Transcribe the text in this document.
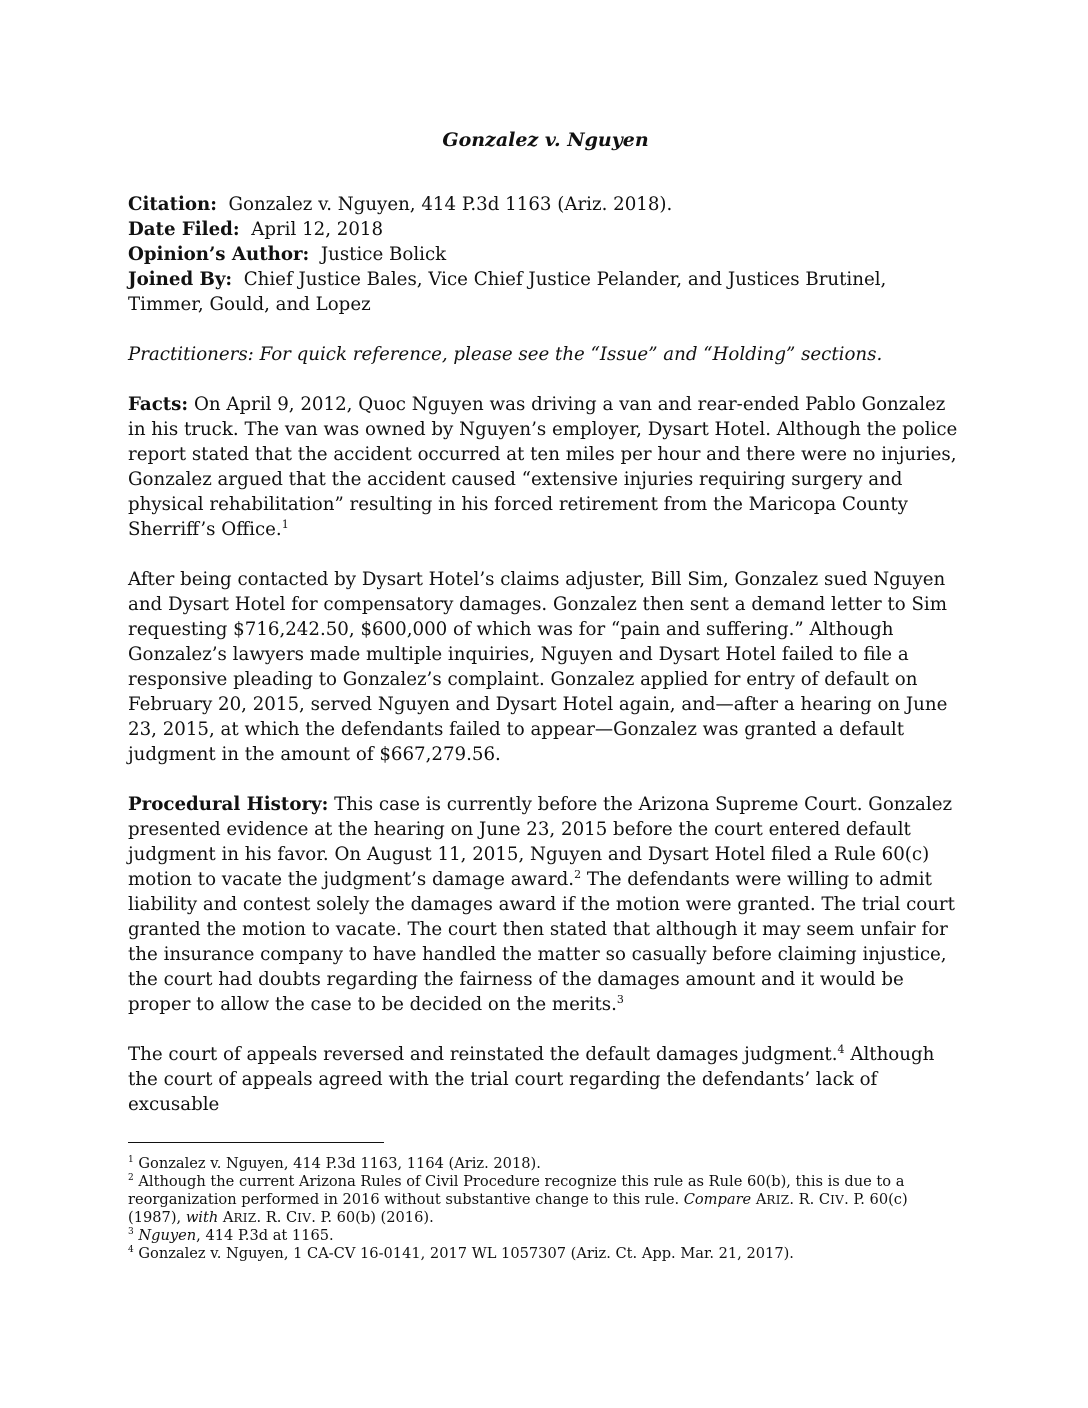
Gonzalez v. Nguyen

Citation: Gonzalez v. Nguyen, 414 P.3d 1163 (Ariz. 2018).

Date Filed: April 12, 2018

Opinion’s Author: Justice Bolick

Joined By: Chief Justice Bales, Vice Chief Justice Pelander, and Justices Brutinel, Timmer, Gould, and Lopez

Practitioners: For quick reference, please see the “Issue” and “Holding” sections.

Facts: On April 9, 2012, Quoc Nguyen was driving a van and rear-ended Pablo Gonzalez in his truck. The van was owned by Nguyen’s employer, Dysart Hotel. Although the police report stated that the accident occurred at ten miles per hour and there were no injuries, Gonzalez argued that the accident caused “extensive injuries requiring surgery and physical rehabilitation” resulting in his forced retirement from the Maricopa County Sherriff’s Office.$^1$

After being contacted by Dysart Hotel’s claims adjuster, Bill Sim, Gonzalez sued Nguyen and Dysart Hotel for compensatory damages. Gonzalez then sent a demand letter to Sim requesting $716,242.50, $600,000 of which was for “pain and suffering.” Although Gonzalez’s lawyers made multiple inquiries, Nguyen and Dysart Hotel failed to file a responsive pleading to Gonzalez’s complaint. Gonzalez applied for entry of default on February 20, 2015, served Nguyen and Dysart Hotel again, and—after a hearing on June 23, 2015, at which the defendants failed to appear—Gonzalez was granted a default judgment in the amount of $667,279.56.

Procedural History: This case is currently before the Arizona Supreme Court. Gonzalez presented evidence at the hearing on June 23, 2015 before the court entered default judgment in his favor. On August 11, 2015, Nguyen and Dysart Hotel filed a Rule 60(c) motion to vacate the judgment’s damage award.$^2$ The defendants were willing to admit liability and contest solely the damages award if the motion were granted. The trial court granted the motion to vacate. The court then stated that although it may seem unfair for the insurance company to have handled the matter so casually before claiming injustice, the court had doubts regarding the fairness of the damages amount and it would be proper to allow the case to be decided on the merits.$^3$

The court of appeals reversed and reinstated the default damages judgment.$^4$ Although the court of appeals agreed with the trial court regarding the defendants’ lack of excusable

$^1$ Gonzalez v. Nguyen, 414 P.3d 1163, 1164 (Ariz. 2018).

$^2$ Although the current Arizona Rules of Civil Procedure recognize this rule as Rule 60(b), this is due to a reorganization performed in 2016 without substantive change to this rule. Compare ARIZ. R. CIV. P. 60(c) (1987), with ARIZ. R. CIV. P. 60(b) (2016).

$^3$ Nguyen, 414 P.3d at 1165.

$^4$ Gonzalez v. Nguyen, 1 CA-CV 16-0141, 2017 WL 1057307 (Ariz. Ct. App. Mar. 21, 2017).
